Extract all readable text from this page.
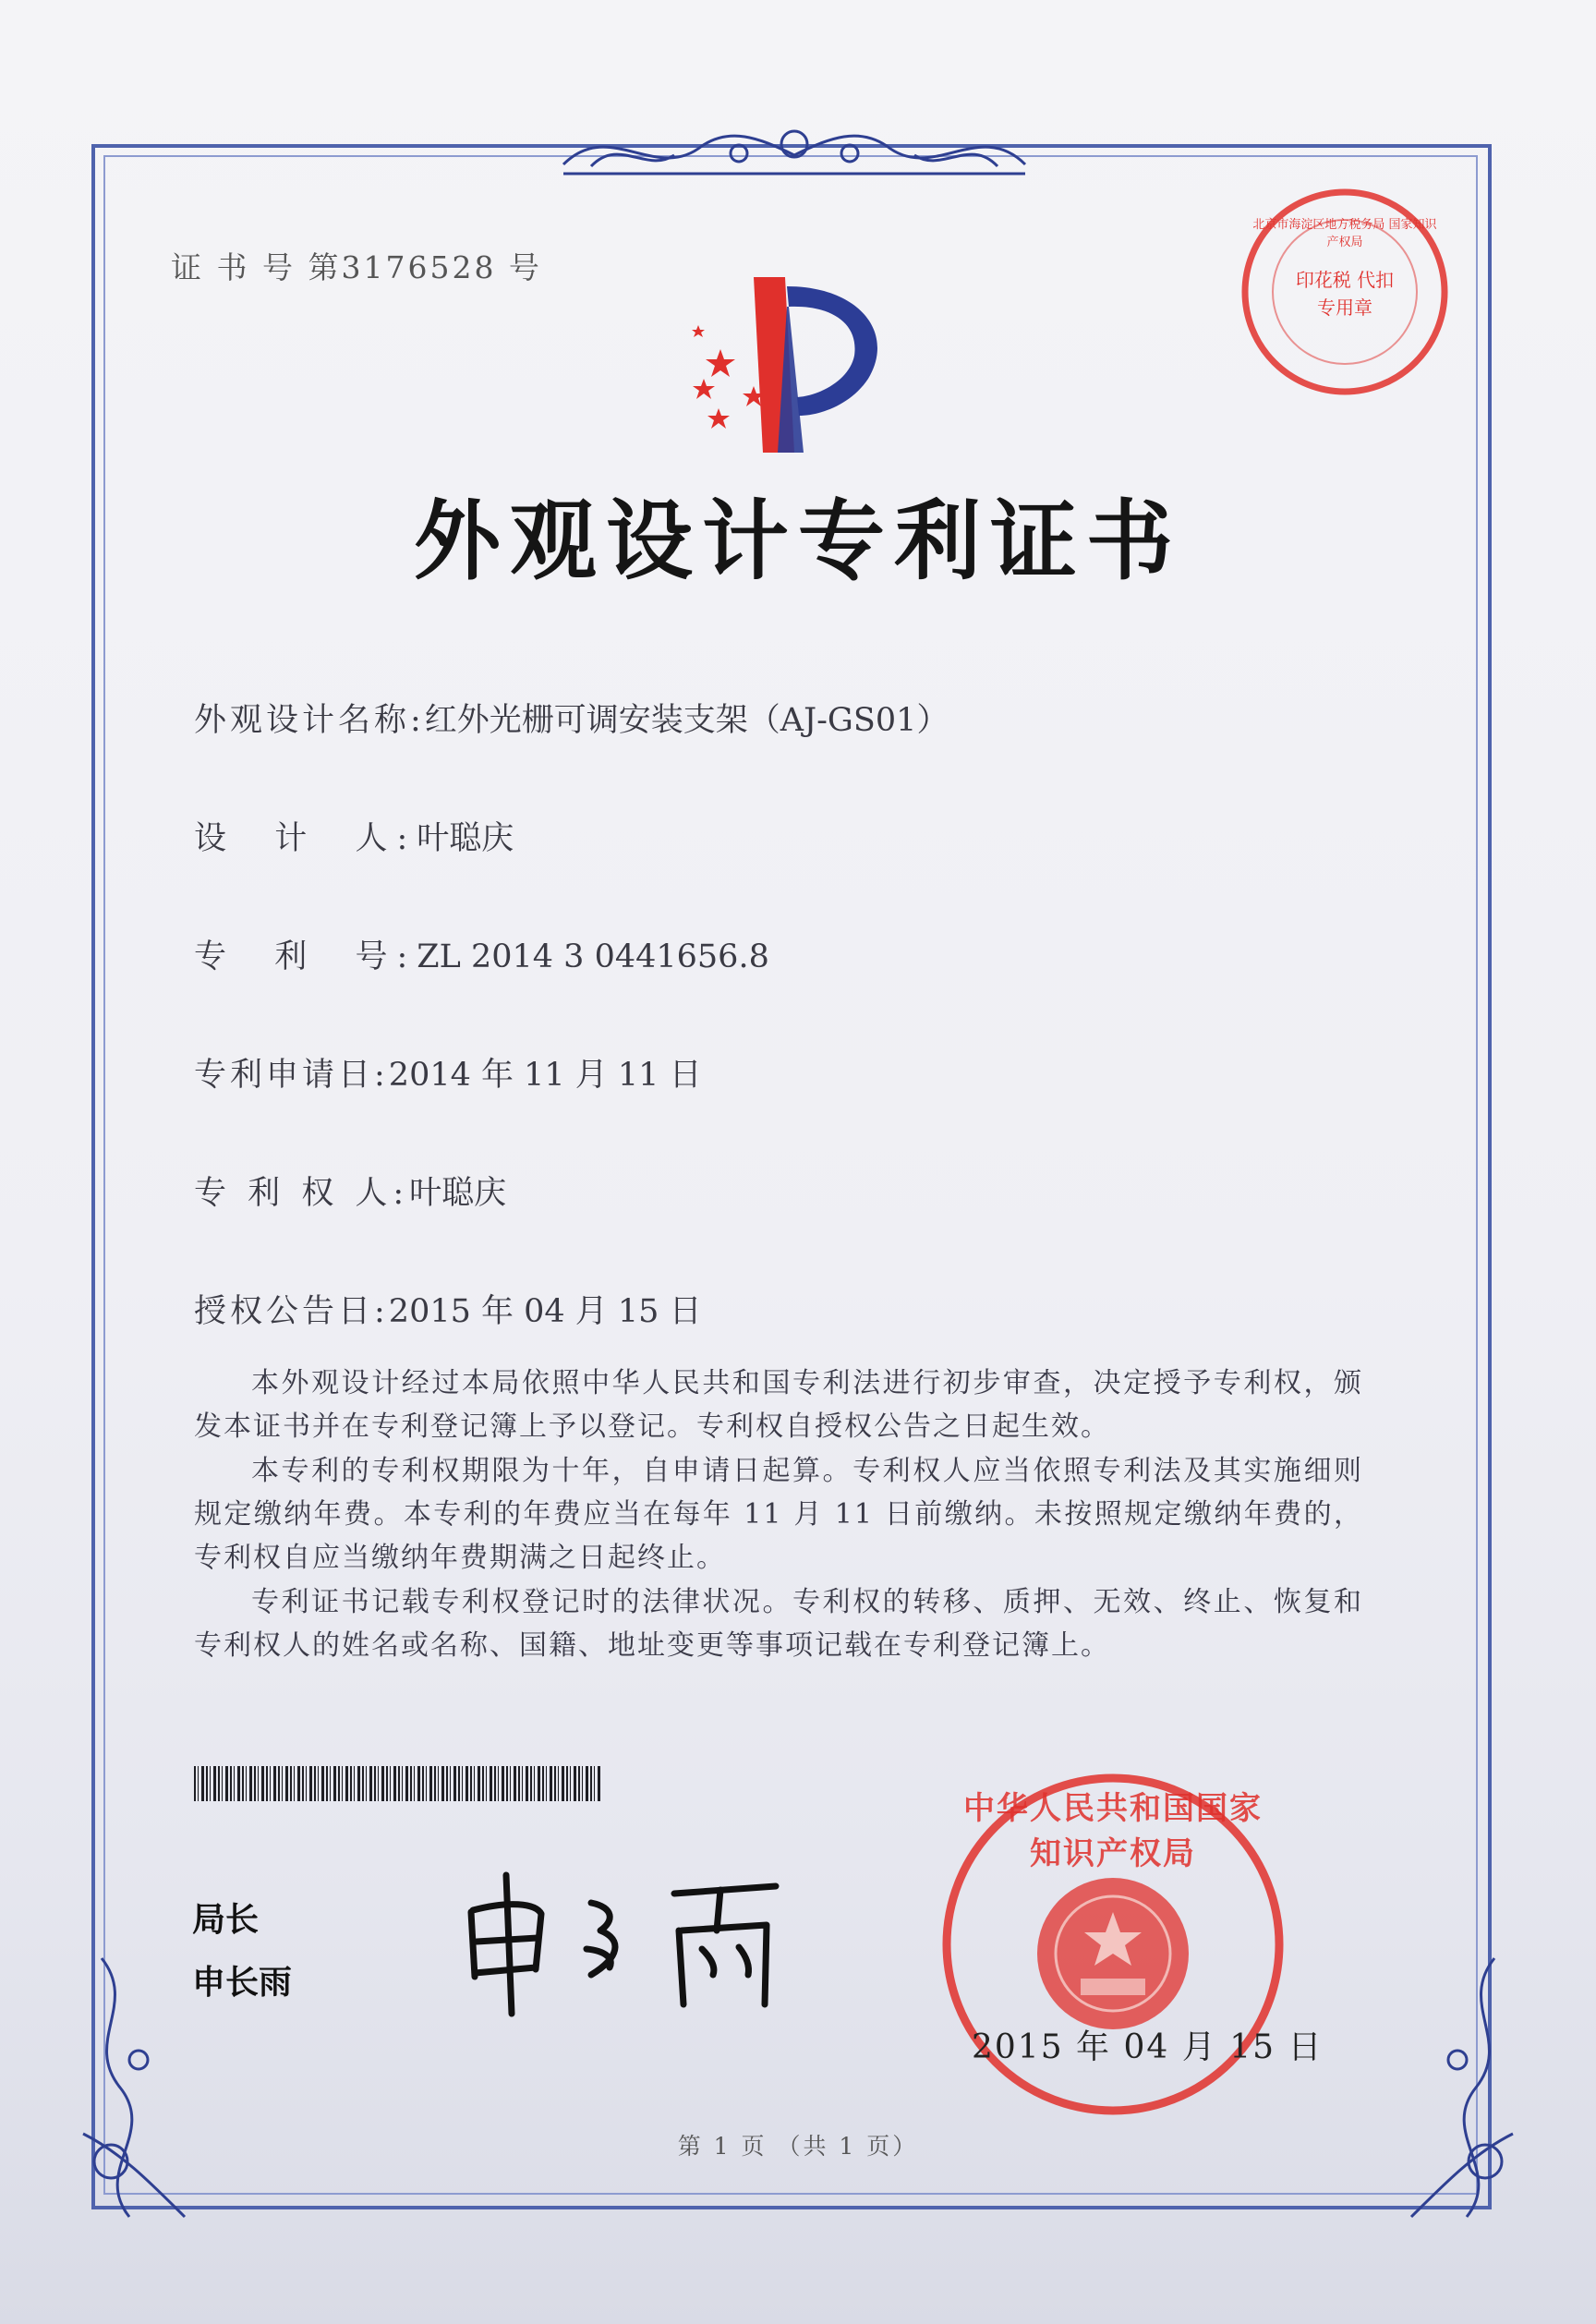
证 书 号 第3176528 号
外观设计专利证书
印花税 代扣专用章
北京市海淀区地方税务局 国家知识产权局
外观设计名称:红外光栅可调安装支架（AJ-GS01）
设  计  人:叶聪庆
专  利  号:ZL 2014 3 0441656.8
专利申请日:2014 年 11 月 11 日
专 利 权 人:叶聪庆
授权公告日:2015 年 04 月 15 日

本外观设计经过本局依照中华人民共和国专利法进行初步审查，决定授予专利权，颁发本证书并在专利登记簿上予以登记。专利权自授权公告之日起生效。

本专利的专利权期限为十年，自申请日起算。专利权人应当依照专利法及其实施细则规定缴纳年费。本专利的年费应当在每年 11 月 11 日前缴纳。未按照规定缴纳年费的，专利权自应当缴纳年费期满之日起终止。

专利证书记载专利权登记时的法律状况。专利权的转移、质押、无效、终止、恢复和专利权人的姓名或名称、国籍、地址变更等事项记载在专利登记簿上。

局长
申长雨
中华人民共和国国家知识产权局
2015 年 04 月 15 日
第 1 页 （共 1 页）
